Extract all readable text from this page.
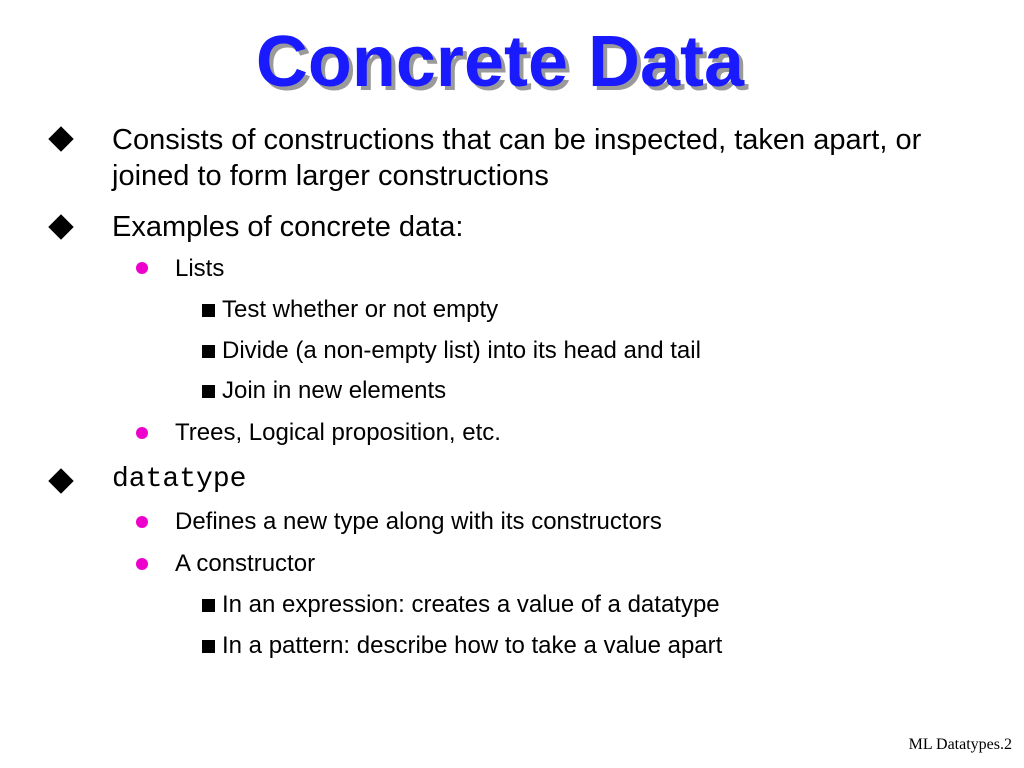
Concrete Data
Consists of constructions that can be inspected, taken apart, or joined to form larger constructions
Examples of concrete data:
Lists
Test whether or not empty
Divide (a non-empty list) into its head and tail
Join in new elements
Trees, Logical proposition, etc.
datatype
Defines a new type along with its constructors
A constructor
In an expression: creates a value of a datatype
In a pattern: describe how to take a value apart
ML Datatypes.2
